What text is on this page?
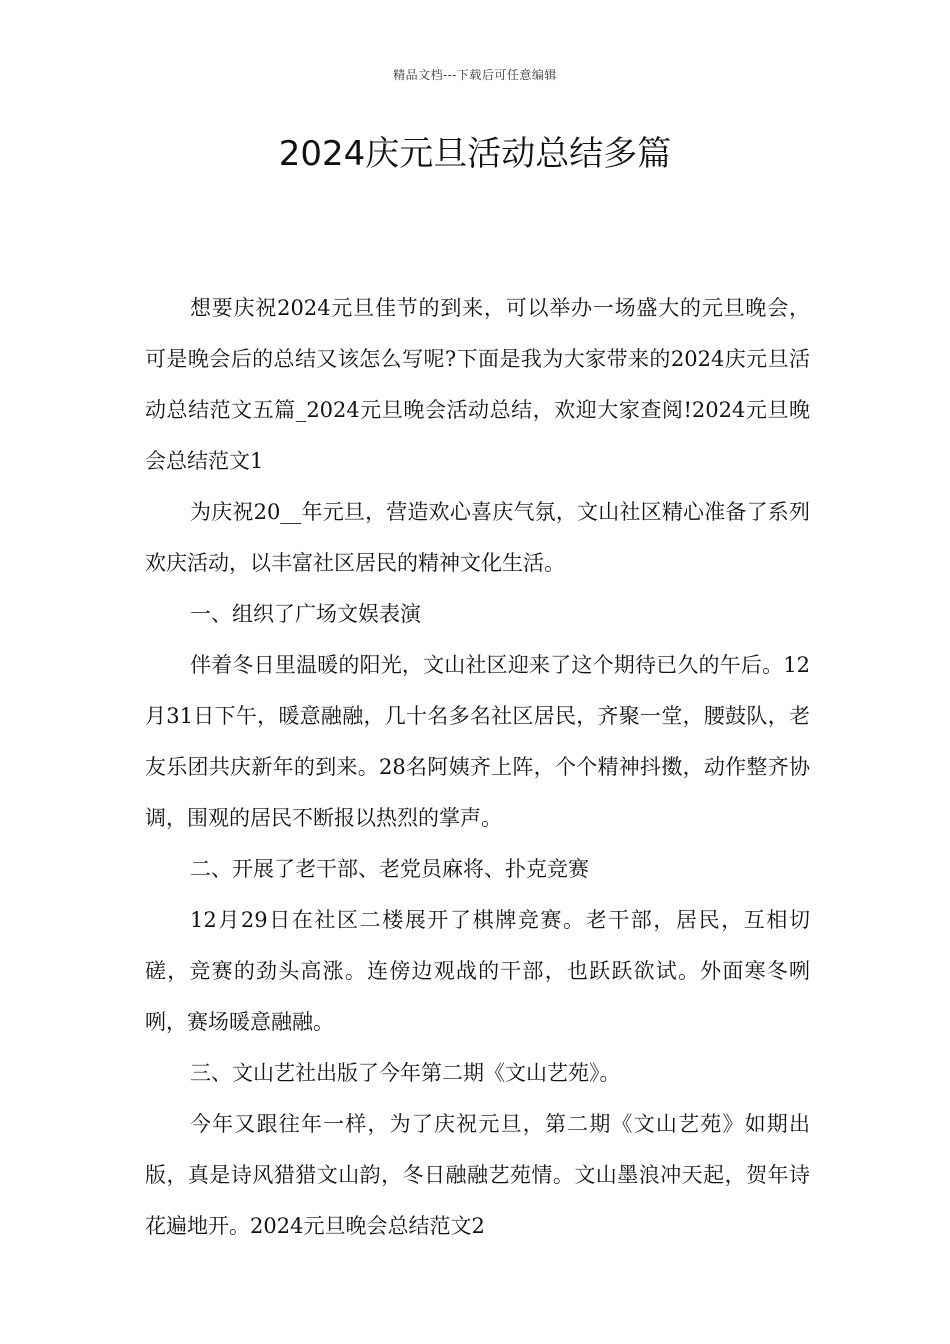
精品文档---下载后可任意编辑
2024庆元旦活动总结多篇

想要庆祝2024元旦佳节的到来，可以举办一场盛大的元旦晚会，可是晚会后的总结又该怎么写呢?下面是我为大家带来的2024庆元旦活动总结范文五篇_2024元旦晚会活动总结，欢迎大家查阅!2024元旦晚会总结范文1

为庆祝20__年元旦，营造欢心喜庆气氛，文山社区精心准备了系列欢庆活动，以丰富社区居民的精神文化生活。

一、组织了广场文娱表演

伴着冬日里温暖的阳光，文山社区迎来了这个期待已久的午后。12月31日下午，暖意融融，几十名多名社区居民，齐聚一堂，腰鼓队，老友乐团共庆新年的到来。28名阿姨齐上阵，个个精神抖擞，动作整齐协调，围观的居民不断报以热烈的掌声。

二、开展了老干部、老党员麻将、扑克竞赛

12月29日在社区二楼展开了棋牌竞赛。老干部，居民，互相切磋，竞赛的劲头高涨。连傍边观战的干部，也跃跃欲试。外面寒冬咧咧，赛场暖意融融。

三、文山艺社出版了今年第二期《文山艺苑》。

今年又跟往年一样，为了庆祝元旦，第二期《文山艺苑》如期出版，真是诗风猎猎文山韵，冬日融融艺苑情。文山墨浪冲天起，贺年诗花遍地开。2024元旦晚会总结范文2
